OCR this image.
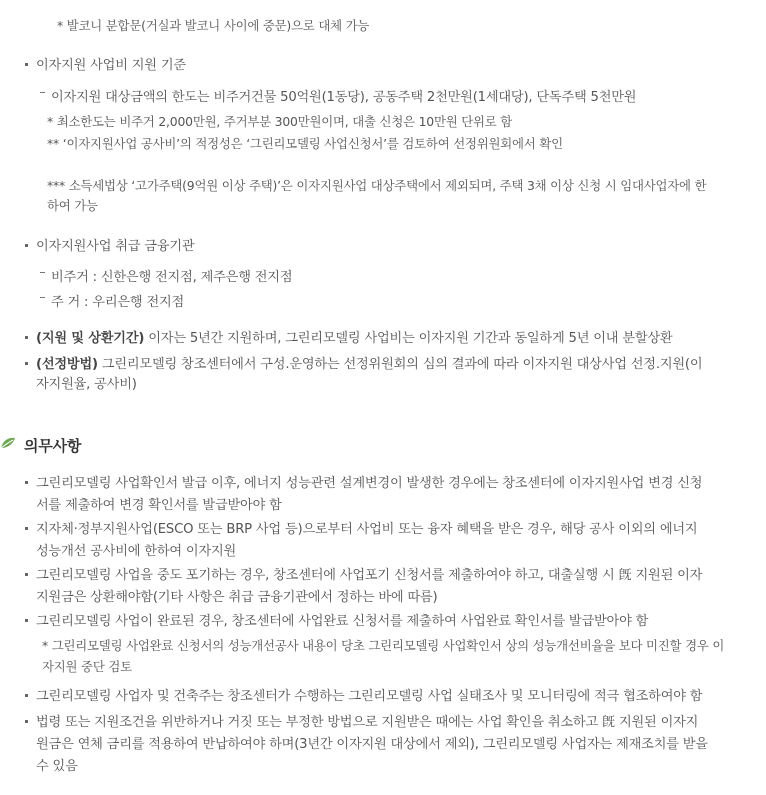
* 발코니 분합문(거실과 발코니 사이에 중문)으로 대체 가능
이자지원 사업비 지원 기준
이자지원 대상금액의 한도는 비주거건물 50억원(1동당), 공동주택 2천만원(1세대당), 단독주택 5천만원
* 최소한도는 비주거 2,000만원, 주거부분 300만원이며, 대출 신청은 10만원 단위로 함
** ‘이자지원사업 공사비’의 적정성은 ‘그린리모델링 사업신청서’를 검토하여 선정위원회에서 확인
*** 소득세법상 ‘고가주택(9억원 이상 주택)’은 이자지원사업 대상주택에서 제외되며, 주택 3채 이상 신청 시 임대사업자에 한
하여 가능
이자지원사업 취급 금융기관
비주거 : 신한은행 전지점, 제주은행 전지점
주 거 : 우리은행 전지점
(지원 및 상환기간) 이자는 5년간 지원하며, 그린리모델링 사업비는 이자지원 기간과 동일하게 5년 이내 분할상환
(선정방법) 그린리모델링 창조센터에서 구성.운영하는 선정위원회의 심의 결과에 따라 이자지원 대상사업 선정.지원(이
자지원율, 공사비)
의무사항
그린리모델링 사업확인서 발급 이후, 에너지 성능관련 설계변경이 발생한 경우에는 창조센터에 이자지원사업 변경 신청
서를 제출하여 변경 확인서를 발급받아야 함
지자체·정부지원사업(ESCO 또는 BRP 사업 등)으로부터 사업비 또는 융자 혜택을 받은 경우, 해당 공사 이외의 에너지
성능개선 공사비에 한하여 이자지원
그린리모델링 사업을 중도 포기하는 경우, 창조센터에 사업포기 신청서를 제출하여야 하고, 대출실행 시 旣 지원된 이자
지원금은 상환해야함(기타 사항은 취급 금융기관에서 정하는 바에 따름)
그린리모델링 사업이 완료된 경우, 창조센터에 사업완료 신청서를 제출하여 사업완료 확인서를 발급받아야 함
* 그린리모델링 사업완료 신청서의 성능개선공사 내용이 당초 그린리모델링 사업확인서 상의 성능개선비율을 보다 미진할 경우 이
자지원 중단 검토
그린리모델링 사업자 및 건축주는 창조센터가 수행하는 그린리모델링 사업 실태조사 및 모니터링에 적극 협조하여야 함
법령 또는 지원조건을 위반하거나 거짓 또는 부정한 방법으로 지원받은 때에는 사업 확인을 취소하고 旣 지원된 이자지
원금은 연체 금리를 적용하여 반납하여야 하며(3년간 이자지원 대상에서 제외), 그린리모델링 사업자는 제재조치를 받을
수 있음
